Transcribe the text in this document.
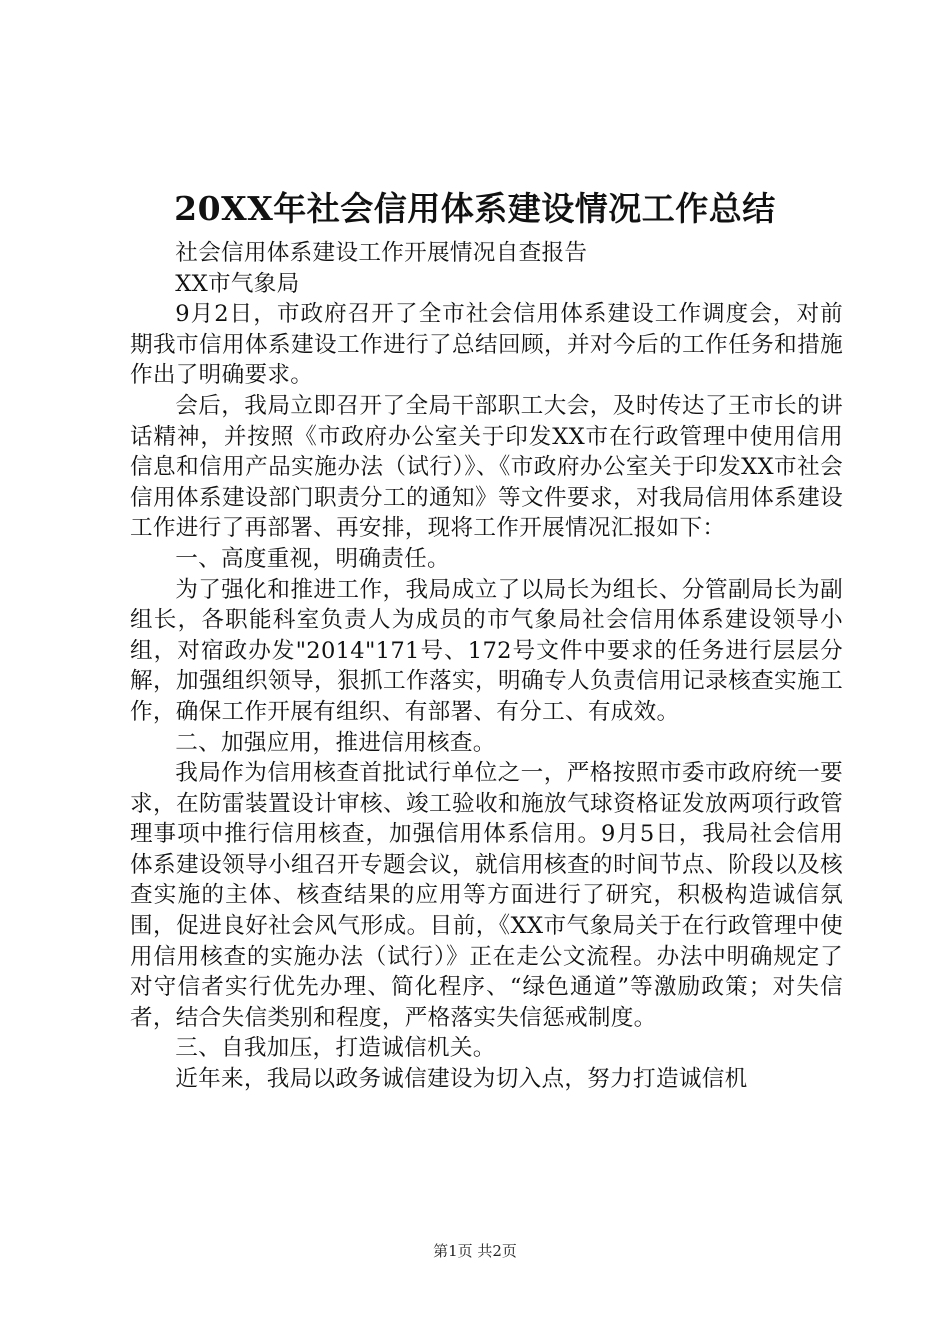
20XX年社会信用体系建设情况工作总结

社会信用体系建设工作开展情况自查报告

XX市气象局

9月2日，市政府召开了全市社会信用体系建设工作调度会，对前期我市信用体系建设工作进行了总结回顾，并对今后的工作任务和措施作出了明确要求。

会后，我局立即召开了全局干部职工大会，及时传达了王市长的讲话精神，并按照《市政府办公室关于印发XX市在行政管理中使用信用信息和信用产品实施办法（试行）》、《市政府办公室关于印发XX市社会信用体系建设部门职责分工的通知》等文件要求，对我局信用体系建设工作进行了再部署、再安排，现将工作开展情况汇报如下：

一、高度重视，明确责任。

为了强化和推进工作，我局成立了以局长为组长、分管副局长为副组长，各职能科室负责人为成员的市气象局社会信用体系建设领导小组，对宿政办发"2014"171号、172号文件中要求的任务进行层层分解，加强组织领导，狠抓工作落实，明确专人负责信用记录核查实施工作，确保工作开展有组织、有部署、有分工、有成效。

二、加强应用，推进信用核查。

我局作为信用核查首批试行单位之一，严格按照市委市政府统一要求，在防雷装置设计审核、竣工验收和施放气球资格证发放两项行政管理事项中推行信用核查，加强信用体系信用。9月5日，我局社会信用体系建设领导小组召开专题会议，就信用核查的时间节点、阶段以及核查实施的主体、核查结果的应用等方面进行了研究，积极构造诚信氛围，促进良好社会风气形成。目前，《XX市气象局关于在行政管理中使用信用核查的实施办法（试行）》正在走公文流程。办法中明确规定了对守信者实行优先办理、简化程序、“绿色通道”等激励政策；对失信者，结合失信类别和程度，严格落实失信惩戒制度。

三、自我加压，打造诚信机关。

近年来，我局以政务诚信建设为切入点，努力打造诚信机

第1页 共2页
